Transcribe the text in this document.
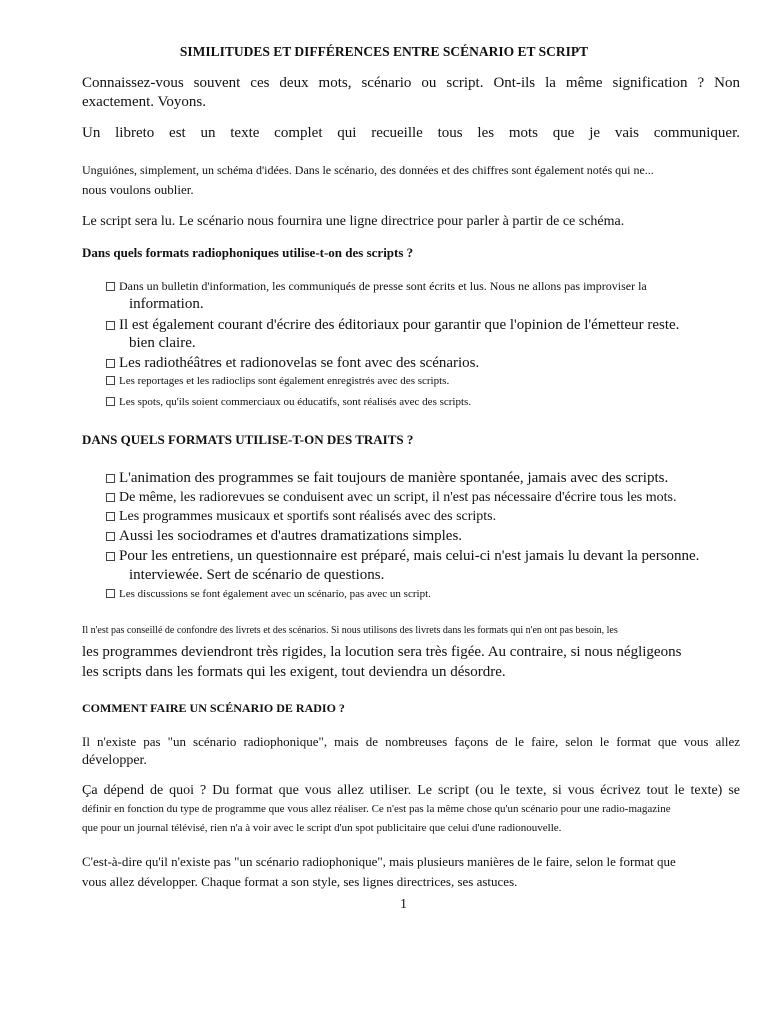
SIMILITUDES ET DIFFÉRENCES ENTRE SCÉNARIO ET SCRIPT
Connaissez-vous souvent ces deux mots, scénario ou script. Ont-ils la même signification ? Non
exactement. Voyons.
Un libreto est un texte complet qui recueille tous les mots que je vais communiquer.
Unguiónes, simplement, un schéma d'idées. Dans le scénario, des données et des chiffres sont également notés qui ne...
nous voulons oublier.
Le script sera lu. Le scénario nous fournira une ligne directrice pour parler à partir de ce schéma.
Dans quels formats radiophoniques utilise-t-on des scripts ?
Dans un bulletin d'information, les communiqués de presse sont écrits et lus. Nous ne allons pas improviser la
information.
Il est également courant d'écrire des éditoriaux pour garantir que l'opinion de l'émetteur reste.
bien claire.
Les radiothéâtres et radionovelas se font avec des scénarios.
Les reportages et les radioclips sont également enregistrés avec des scripts.
Les spots, qu'ils soient commerciaux ou éducatifs, sont réalisés avec des scripts.
DANS QUELS FORMATS UTILISE-T-ON DES TRAITS ?
L'animation des programmes se fait toujours de manière spontanée, jamais avec des scripts.
De même, les radiorevues se conduisent avec un script, il n'est pas nécessaire d'écrire tous les mots.
Les programmes musicaux et sportifs sont réalisés avec des scripts.
Aussi les sociodrames et d'autres dramatizations simples.
Pour les entretiens, un questionnaire est préparé, mais celui-ci n'est jamais lu devant la personne.
interviewée. Sert de scénario de questions.
Les discussions se font également avec un scénario, pas avec un script.
Il n'est pas conseillé de confondre des livrets et des scénarios. Si nous utilisons des livrets dans les formats qui n'en ont pas besoin, les
les programmes deviendront très rigides, la locution sera très figée. Au contraire, si nous négligeons
les scripts dans les formats qui les exigent, tout deviendra un désordre.
COMMENT FAIRE UN SCÉNARIO DE RADIO ?
Il n'existe pas "un scénario radiophonique", mais de nombreuses façons de le faire, selon le format que vous allez
développer.
Ça dépend de quoi ? Du format que vous allez utiliser. Le script (ou le texte, si vous écrivez tout le texte) se
définir en fonction du type de programme que vous allez réaliser. Ce n'est pas la même chose qu'un scénario pour une radio-magazine
que pour un journal télévisé, rien n'a à voir avec le script d'un spot publicitaire que celui d'une radionouvelle.
C'est-à-dire qu'il n'existe pas "un scénario radiophonique", mais plusieurs manières de le faire, selon le format que
vous allez développer. Chaque format a son style, ses lignes directrices, ses astuces.
1
